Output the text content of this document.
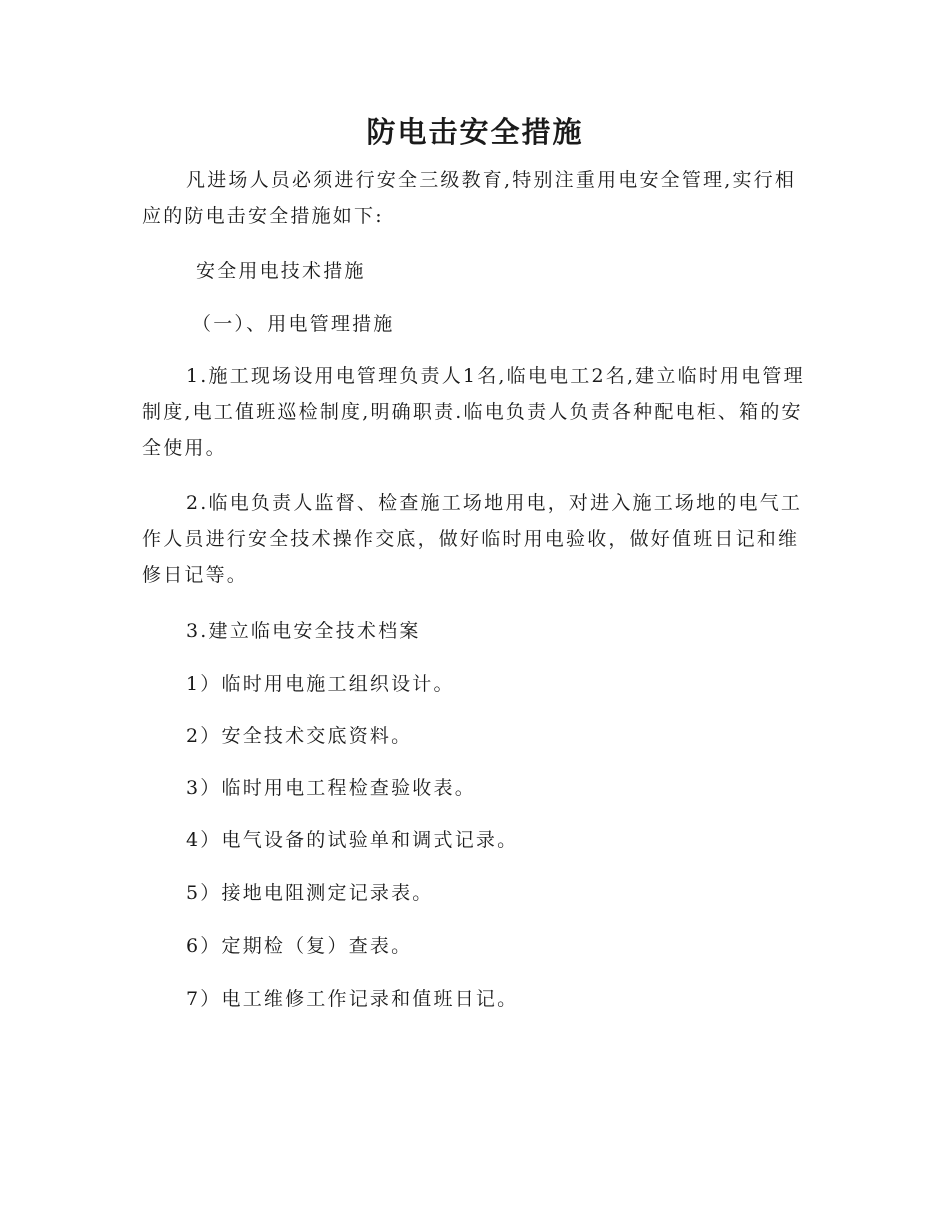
防电击安全措施

凡进场人员必须进行安全三级教育,特别注重用电安全管理,实行相应的防电击安全措施如下:

安全用电技术措施

（一）、用电管理措施

1.施工现场设用电管理负责人1名,临电电工2名,建立临时用电管理制度,电工值班巡检制度,明确职责.临电负责人负责各种配电柜、箱的安全使用。

2.临电负责人监督、检查施工场地用电，对进入施工场地的电气工作人员进行安全技术操作交底，做好临时用电验收，做好值班日记和维修日记等。

3.建立临电安全技术档案

1）临时用电施工组织设计。

2）安全技术交底资料。

3）临时用电工程检查验收表。

4）电气设备的试验单和调式记录。

5）接地电阻测定记录表。

6）定期检（复）查表。

7）电工维修工作记录和值班日记。
